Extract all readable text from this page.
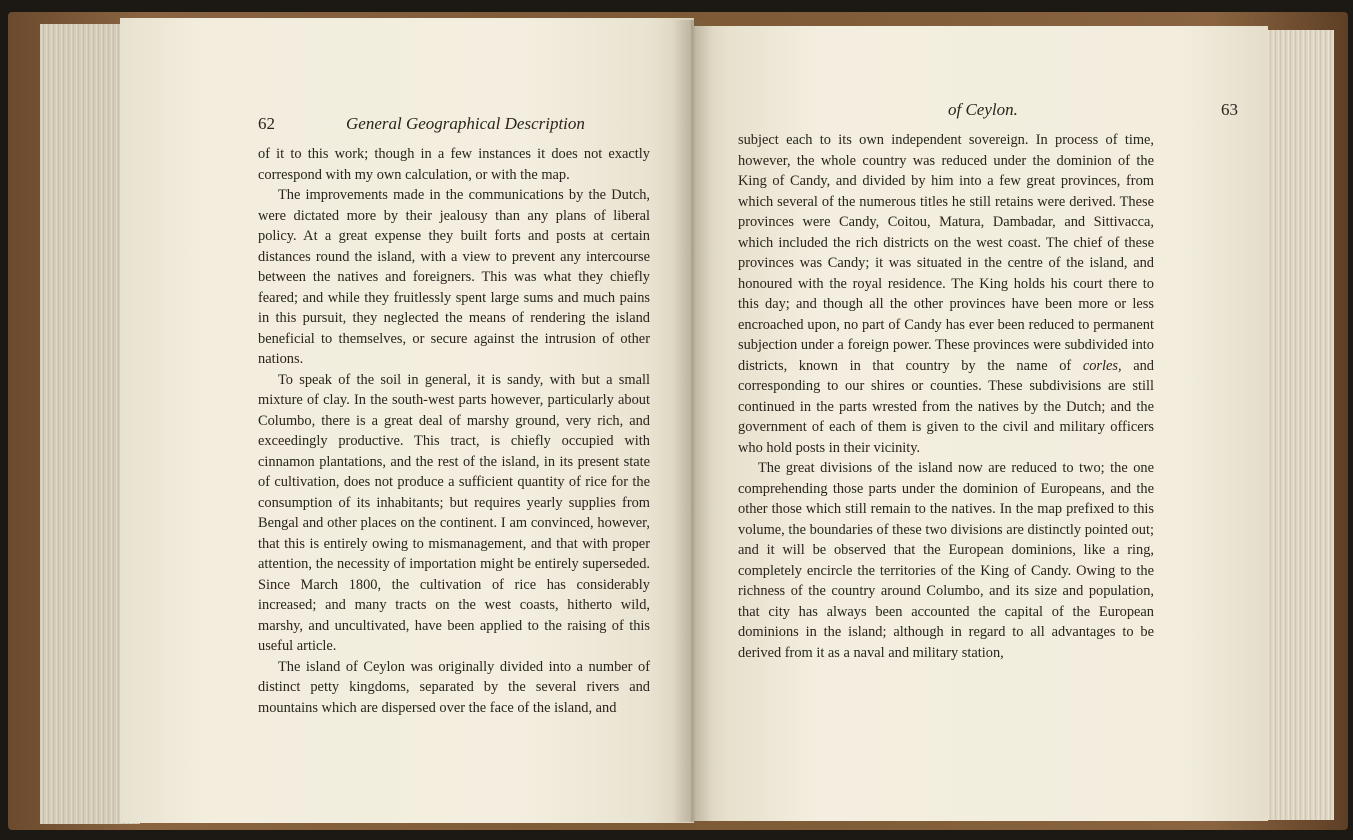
62	General Geographical Description

of it to this work; though in a few instances it does not exactly correspond with my own calculation, or with the map.

The improvements made in the communications by the Dutch, were dictated more by their jealousy than any plans of liberal policy. At a great expense they built forts and posts at certain distances round the island, with a view to prevent any intercourse between the natives and foreigners. This was what they chiefly feared; and while they fruitlessly spent large sums and much pains in this pursuit, they neglected the means of rendering the island beneficial to themselves, or secure against the intrusion of other nations.

To speak of the soil in general, it is sandy, with but a small mixture of clay. In the south-west parts however, particularly about Columbo, there is a great deal of marshy ground, very rich, and exceedingly productive. This tract, is chiefly occupied with cinnamon plantations, and the rest of the island, in its present state of cultivation, does not produce a sufficient quantity of rice for the consumption of its inhabitants; but requires yearly supplies from Bengal and other places on the continent. I am convinced, however, that this is entirely owing to mismanagement, and that with proper attention, the necessity of importation might be entirely superseded. Since March 1800, the cultivation of rice has considerably increased; and many tracts on the west coasts, hitherto wild, marshy, and uncultivated, have been applied to the raising of this useful article.

The island of Ceylon was originally divided into a number of distinct petty kingdoms, separated by the several rivers and mountains which are dispersed over the face of the island, and

of Ceylon.	63

subject each to its own independent sovereign. In process of time, however, the whole country was reduced under the dominion of the King of Candy, and divided by him into a few great provinces, from which several of the numerous titles he still retains were derived. These provinces were Candy, Coitou, Matura, Dambadar, and Sittivacca, which included the rich districts on the west coast. The chief of these provinces was Candy; it was situated in the centre of the island, and honoured with the royal residence. The King holds his court there to this day; and though all the other provinces have been more or less encroached upon, no part of Candy has ever been reduced to permanent subjection under a foreign power. These provinces were subdivided into districts, known in that country by the name of corles, and corresponding to our shires or counties. These subdivisions are still continued in the parts wrested from the natives by the Dutch; and the government of each of them is given to the civil and military officers who hold posts in their vicinity.

The great divisions of the island now are reduced to two; the one comprehending those parts under the dominion of Europeans, and the other those which still remain to the natives. In the map prefixed to this volume, the boundaries of these two divisions are distinctly pointed out; and it will be observed that the European dominions, like a ring, completely encircle the territories of the King of Candy. Owing to the richness of the country around Columbo, and its size and population, that city has always been accounted the capital of the European dominions in the island; although in regard to all advantages to be derived from it as a naval and military station,
